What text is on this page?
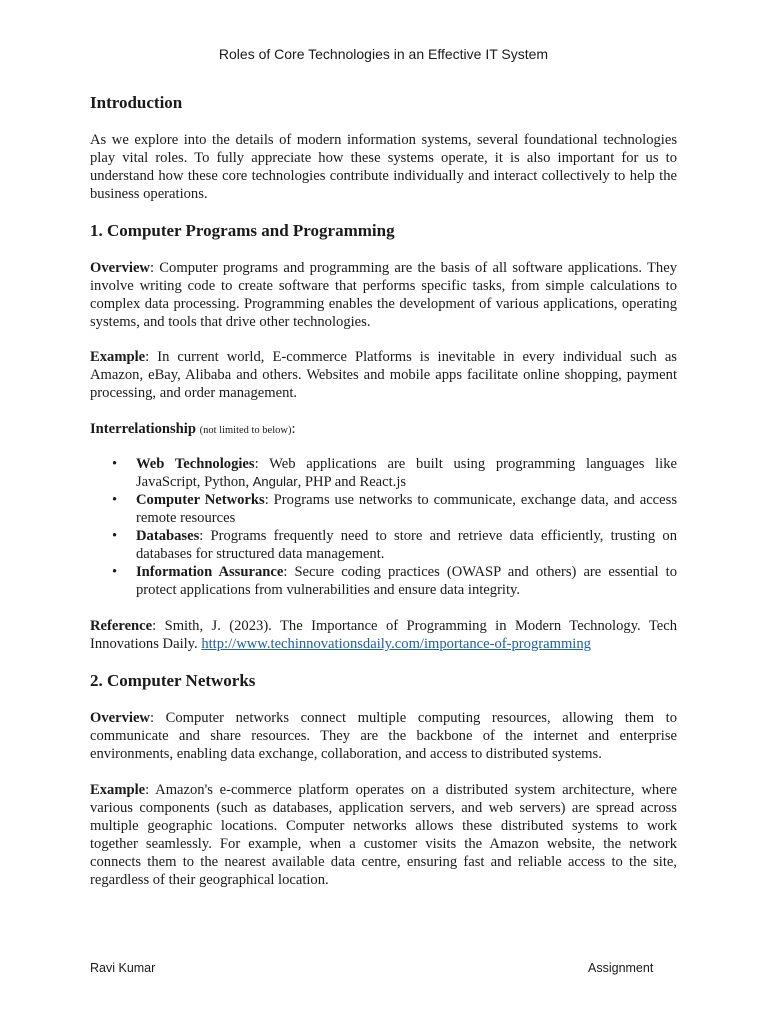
Roles of Core Technologies in an Effective IT System
Introduction

As we explore into the details of modern information systems, several foundational technologies play vital roles. To fully appreciate how these systems operate, it is also important for us to understand how these core technologies contribute individually and interact collectively to help the business operations.

1. Computer Programs and Programming

Overview: Computer programs and programming are the basis of all software applications. They involve writing code to create software that performs specific tasks, from simple calculations to complex data processing. Programming enables the development of various applications, operating systems, and tools that drive other technologies.

Example: In current world, E-commerce Platforms is inevitable in every individual such as Amazon, eBay, Alibaba and others. Websites and mobile apps facilitate online shopping, payment processing, and order management.

Interrelationship (not limited to below):

• Web Technologies: Web applications are built using programming languages like JavaScript, Python, Angular, PHP and React.js
• Computer Networks: Programs use networks to communicate, exchange data, and access remote resources
• Databases: Programs frequently need to store and retrieve data efficiently, trusting on databases for structured data management.
• Information Assurance: Secure coding practices (OWASP and others) are essential to protect applications from vulnerabilities and ensure data integrity.

Reference: Smith, J. (2023). The Importance of Programming in Modern Technology. Tech Innovations Daily. http://www.techinnovationsdaily.com/importance-of-programming

2. Computer Networks

Overview: Computer networks connect multiple computing resources, allowing them to communicate and share resources. They are the backbone of the internet and enterprise environments, enabling data exchange, collaboration, and access to distributed systems.

Example: Amazon's e-commerce platform operates on a distributed system architecture, where various components (such as databases, application servers, and web servers) are spread across multiple geographic locations. Computer networks allows these distributed systems to work together seamlessly. For example, when a customer visits the Amazon website, the network connects them to the nearest available data centre, ensuring fast and reliable access to the site, regardless of their geographical location.

Ravi Kumar	Assignment
